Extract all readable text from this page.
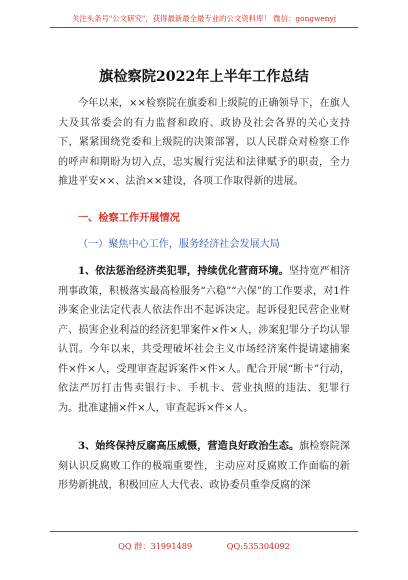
关注头条号"公文研究"，获得最新最全最专业的公文资料库！ 微信：gongwenyj
旗检察院2022年上半年工作总结

今年以来，××检察院在旗委和上级院的正确领导下，在旗人大及其常委会的有力监督和政府、政协及社会各界的关心支持下，紧紧围绕党委和上级院的决策部署，以人民群众对检察工作的呼声和期盼为切入点，忠实履行宪法和法律赋予的职责，全力推进平安××、法治××建设，各项工作取得新的进展。

一、检察工作开展情况
（一）聚焦中心工作，服务经济社会发展大局

1、依法惩治经济类犯罪，持续优化营商环境。坚持宽严相济刑事政策，积极落实最高检服务“六稳”“六保”的工作要求，对1件涉案企业法定代表人依法作出不起诉决定。起诉侵犯民营企业财产、损害企业利益的经济犯罪案件×件×人，涉案犯罪分子均认罪认罚。今年以来，共受理破坏社会主义市场经济案件提请逮捕案件×件×人，受理审查起诉案件×件×人。配合开展“断卡”行动，依法严厉打击售卖银行卡、手机卡、营业执照的违法、犯罪行为。批准逮捕×件×人，审查起诉×件×人。

3、始终保持反腐高压威慑，营造良好政治生态。旗检察院深刻认识反腐败工作的极端重要性，主动应对反腐败工作面临的新形势新挑战，积极回应人大代表、政协委员重拳反腐的深

QQ 群：31991489	QQ:535304092
